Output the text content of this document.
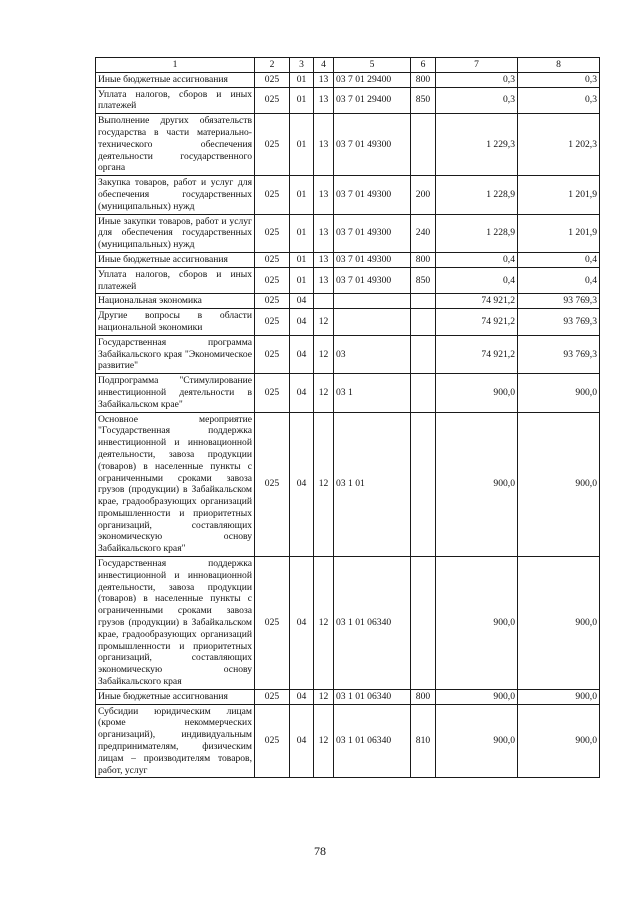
1	2	3	4	5	6	7	8
Иные бюджетные ассигнования	025	01	13	03 7 01 29400	800	0,3	0,3
Уплата налогов, сборов и иных платежей	025	01	13	03 7 01 29400	850	0,3	0,3
Выполнение других обязательств государства в части материально-технического обеспечения деятельности государственного органа	025	01	13	03 7 01 49300		1 229,3	1 202,3
Закупка товаров, работ и услуг для обеспечения государственных (муниципальных) нужд	025	01	13	03 7 01 49300	200	1 228,9	1 201,9
Иные закупки товаров, работ и услуг для обеспечения государственных (муниципальных) нужд	025	01	13	03 7 01 49300	240	1 228,9	1 201,9
Иные бюджетные ассигнования	025	01	13	03 7 01 49300	800	0,4	0,4
Уплата налогов, сборов и иных платежей	025	01	13	03 7 01 49300	850	0,4	0,4
Национальная экономика	025	04				74 921,2	93 769,3
Другие вопросы в области национальной экономики	025	04	12			74 921,2	93 769,3
Государственная программа Забайкальского края "Экономическое развитие"	025	04	12	03		74 921,2	93 769,3
Подпрограмма "Стимулирование инвестиционной деятельности в Забайкальском крае"	025	04	12	03 1		900,0	900,0
Основное мероприятие "Государственная поддержка инвестиционной и инновационной деятельности, завоза продукции (товаров) в населенные пункты с ограниченными сроками завоза грузов (продукции) в Забайкальском крае, градообразующих организаций промышленности и приоритетных организаций, составляющих экономическую основу Забайкальского края"	025	04	12	03 1 01		900,0	900,0
Государственная поддержка инвестиционной и инновационной деятельности, завоза продукции (товаров) в населенные пункты с ограниченными сроками завоза грузов (продукции) в Забайкальском крае, градообразующих организаций промышленности и приоритетных организаций, составляющих экономическую основу Забайкальского края	025	04	12	03 1 01 06340		900,0	900,0
Иные бюджетные ассигнования	025	04	12	03 1 01 06340	800	900,0	900,0
Субсидии юридическим лицам (кроме некоммерческих организаций), индивидуальным предпринимателям, физическим лицам – производителям товаров, работ, услуг	025	04	12	03 1 01 06340	810	900,0	900,0
78
